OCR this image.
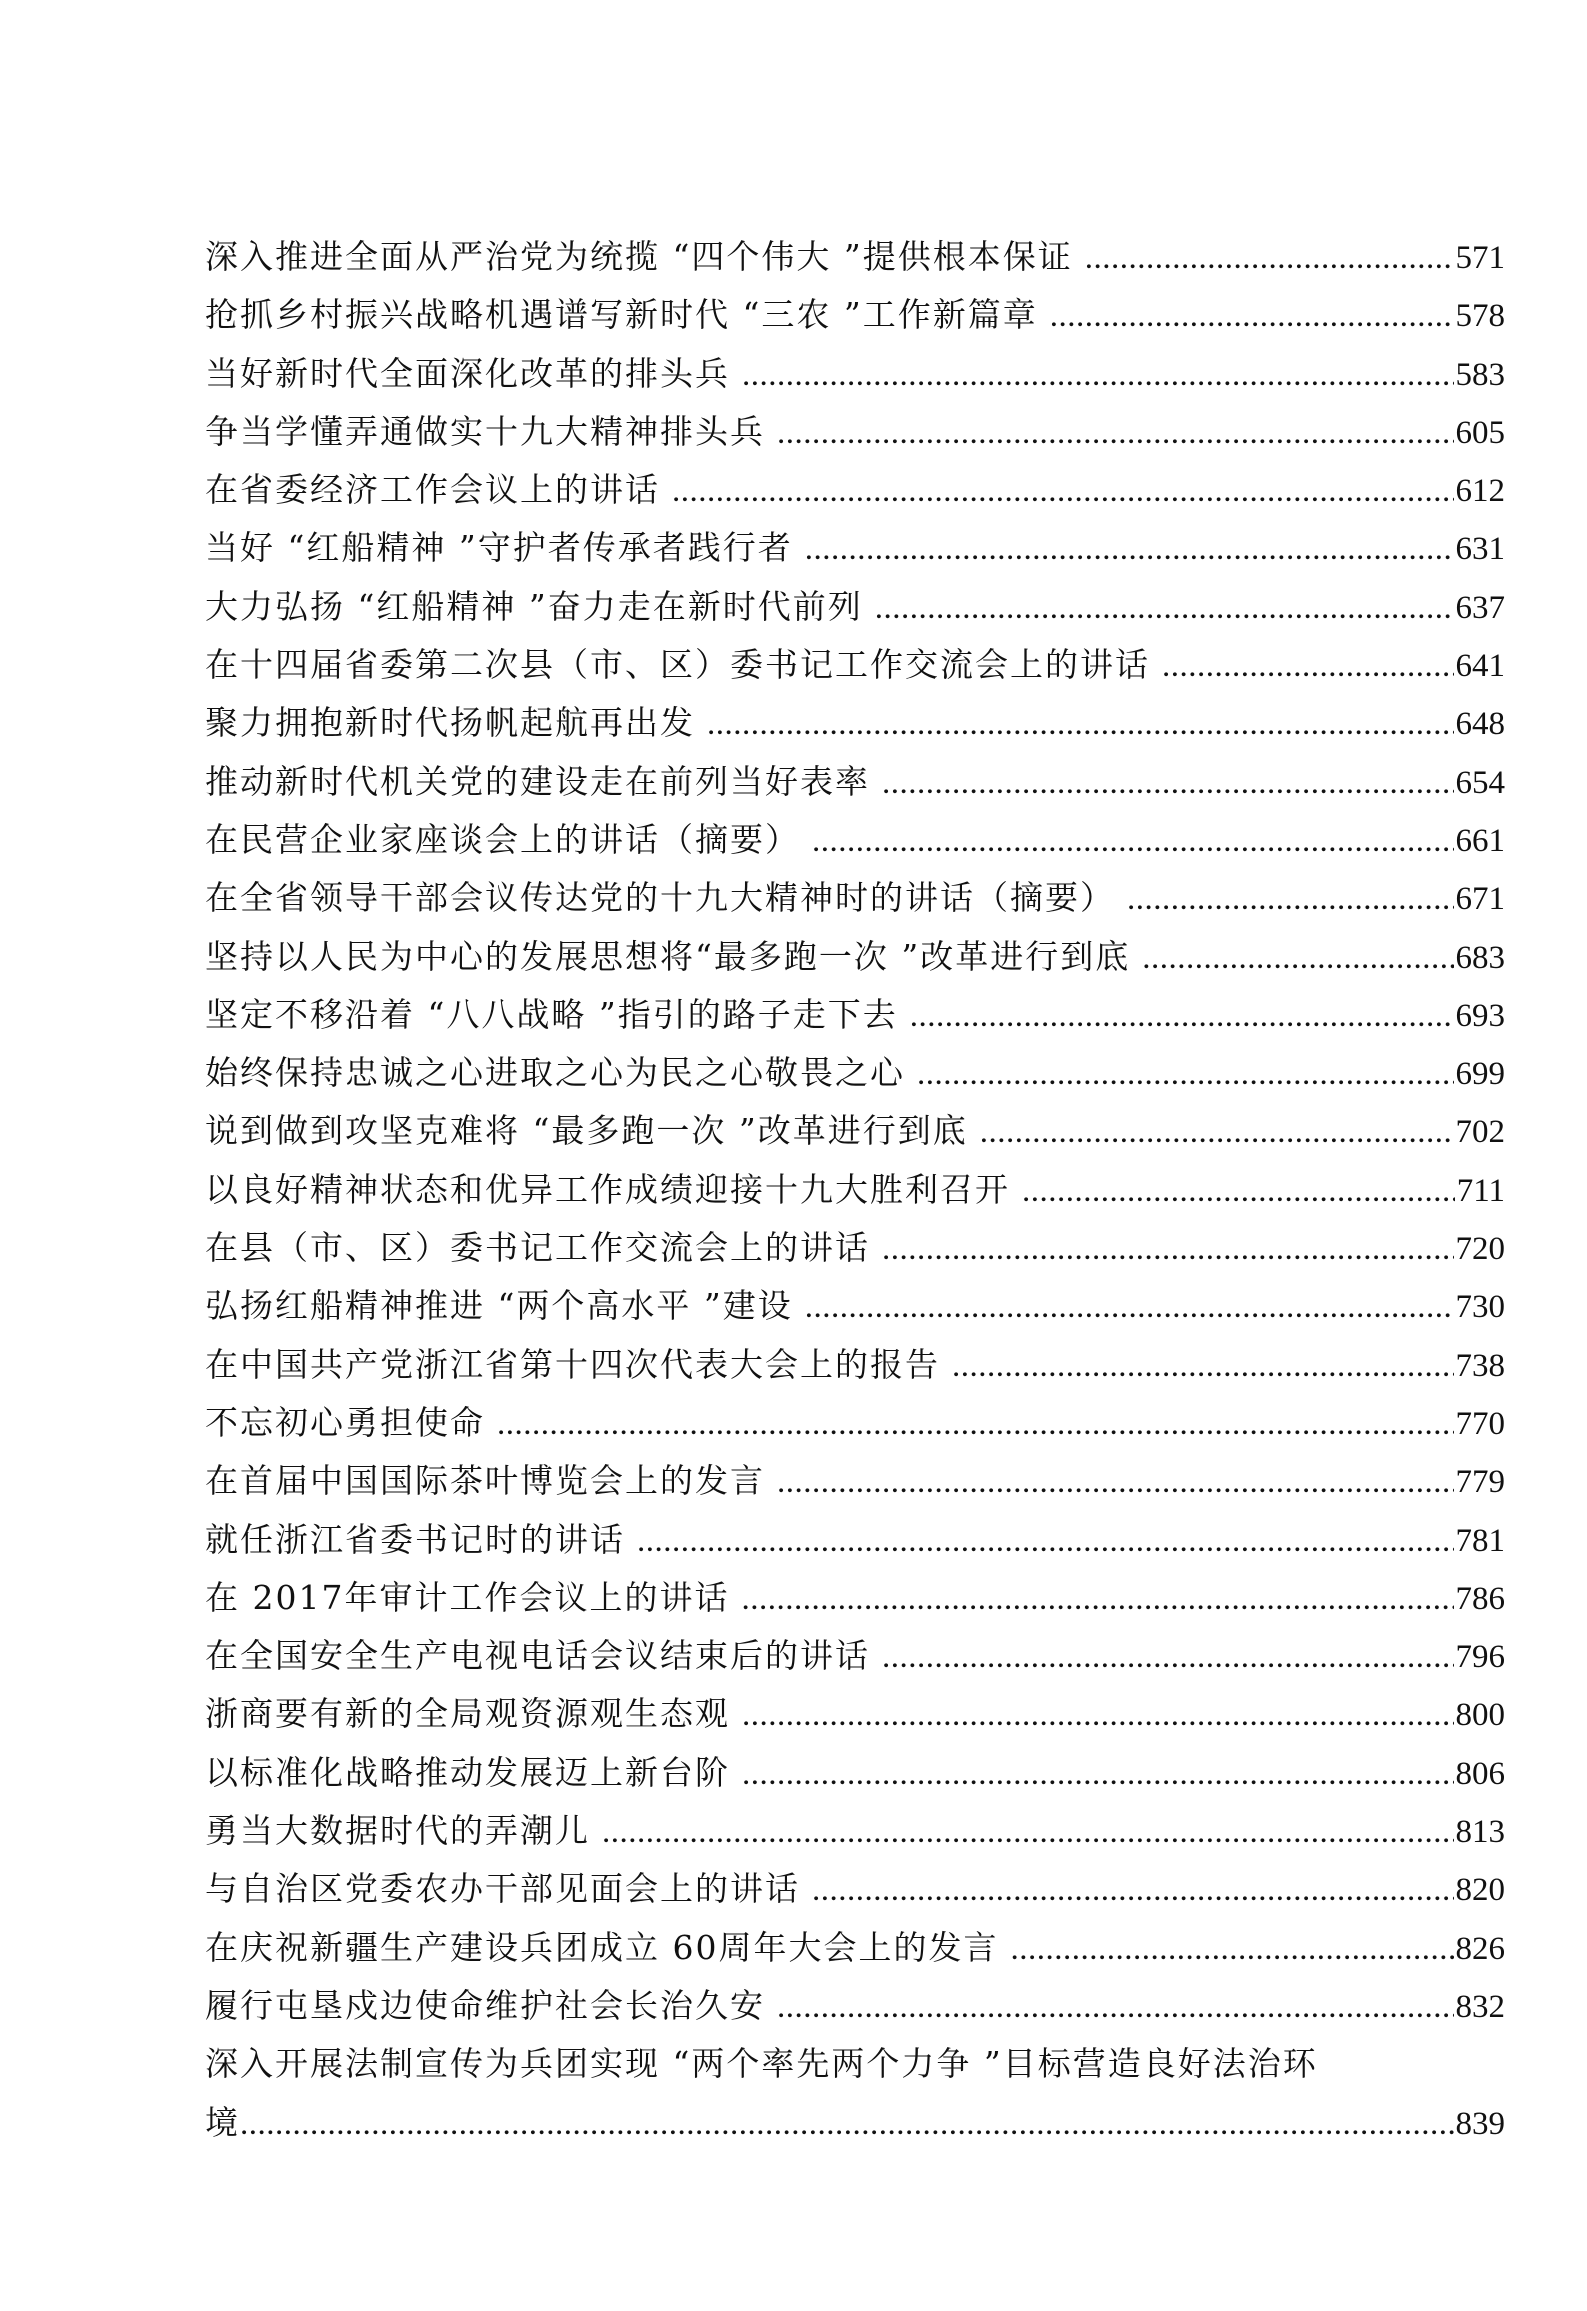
深入推进全面从严治党为统揽 “四个伟大 ”提供根本保证 .....	571
抢抓乡村振兴战略机遇谱写新时代 “三农 ”工作新篇章 .....	578
当好新时代全面深化改革的排头兵 .....	583
争当学懂弄通做实十九大精神排头兵 .....	605
在省委经济工作会议上的讲话 .....	612
当好 “红船精神 ”守护者传承者践行者 .....	631
大力弘扬 “红船精神 ”奋力走在新时代前列 .....	637
在十四届省委第二次县（市、区）委书记工作交流会上的讲话 .....	641
聚力拥抱新时代扬帆起航再出发 .....	648
推动新时代机关党的建设走在前列当好表率 .....	654
在民营企业家座谈会上的讲话（摘要） .....	661
在全省领导干部会议传达党的十九大精神时的讲话（摘要） .....	671
坚持以人民为中心的发展思想将“最多跑一次 ”改革进行到底 .....	683
坚定不移沿着 “八八战略 ”指引的路子走下去 .....	693
始终保持忠诚之心进取之心为民之心敬畏之心 .....	699
说到做到攻坚克难将 “最多跑一次 ”改革进行到底 .....	702
以良好精神状态和优异工作成绩迎接十九大胜利召开 .....	711
在县（市、区）委书记工作交流会上的讲话 .....	720
弘扬红船精神推进 “两个高水平 ”建设 .....	730
在中国共产党浙江省第十四次代表大会上的报告 .....	738
不忘初心勇担使命 .....	770
在首届中国国际茶叶博览会上的发言 .....	779
就任浙江省委书记时的讲话 .....	781
在 2017年审计工作会议上的讲话 .....	786
在全国安全生产电视电话会议结束后的讲话 .....	796
浙商要有新的全局观资源观生态观 .....	800
以标准化战略推动发展迈上新台阶 .....	806
勇当大数据时代的弄潮儿 .....	813
与自治区党委农办干部见面会上的讲话 .....	820
在庆祝新疆生产建设兵团成立 60周年大会上的发言 .....	826
履行屯垦戍边使命维护社会长治久安 .....	832
深入开展法制宣传为兵团实现 “两个率先两个力争 ”目标营造良好法治环
境 .....	839
